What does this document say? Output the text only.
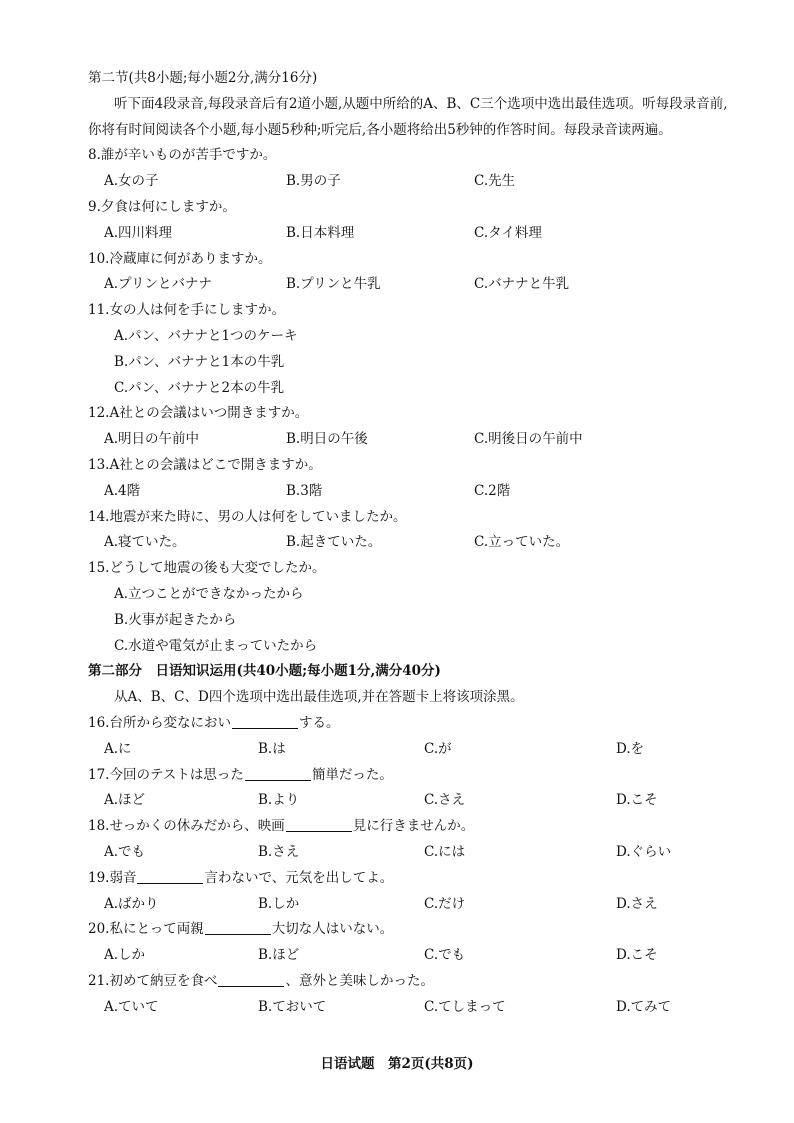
第二节(共8小题;每小题2分,满分16分)
听下面4段录音,每段录音后有2道小题,从题中所给的A、B、C三个选项中选出最佳选项。听每段录音前,你将有时间阅读各个小题,每小题5秒种;听完后,各小题将给出5秒钟的作答时间。每段录音读两遍。
8.誰が辛いものが苦手ですか。
A.女の子	B.男の子	C.先生
9.夕食は何にしますか。
A.四川料理	B.日本料理	C.タイ料理
10.冷蔵庫に何がありますか。
A.プリンとバナナ	B.プリンと牛乳	C.バナナと牛乳
11.女の人は何を手にしますか。
A.パン、バナナと1つのケーキ
B.パン、バナナと1本の牛乳
C.パン、バナナと2本の牛乳
12.A社との会議はいつ開きますか。
A.明日の午前中	B.明日の午後	C.明後日の午前中
13.A社との会議はどこで開きますか。
A.4階	B.3階	C.2階
14.地震が来た時に、男の人は何をしていましたか。
A.寝ていた。	B.起きていた。	C.立っていた。
15.どうして地震の後も大変でしたか。
A.立つことができなかったから
B.火事が起きたから
C.水道や電気が止まっていたから
第二部分　日语知识运用(共40小题;每小题1分,满分40分)
从A、B、C、D四个选项中选出最佳选项,并在答题卡上将该项涂黑。
16.台所から変なにおい	する。
A.に	B.は	C.が	D.を
17.今回のテストは思った	簡単だった。
A.ほど	B.より	C.さえ	D.こそ
18.せっかくの休みだから、映画	見に行きませんか。
A.でも	B.さえ	C.には	D.ぐらい
19.弱音	言わないで、元気を出してよ。
A.ばかり	B.しか	C.だけ	D.さえ
20.私にとって両親	大切な人はいない。
A.しか	B.ほど	C.でも	D.こそ
21.初めて納豆を食べ	、意外と美味しかった。
A.ていて	B.ておいて	C.てしまって	D.てみて
日语试题　第2页(共8页)
